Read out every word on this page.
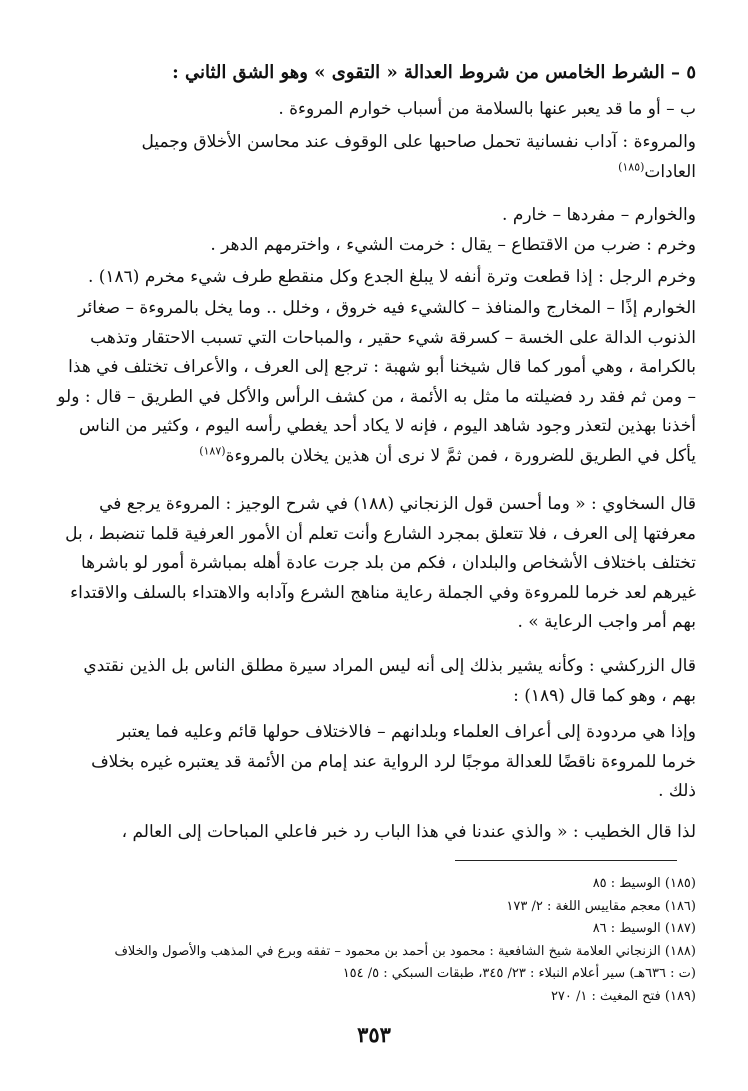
٥ – الشرط الخامس من شروط العدالة « التقوى » وهو الشق الثاني :
ب – أو ما قد يعبر عنها بالسلامة من أسباب خوارم المروءة .
والمروءة : آداب نفسانية تحمل صاحبها على الوقوف عند محاسن الأخلاق وجميل
العادات$^{(١٨٥)}$
والخوارم – مفردها – خارم .
وخرم : ضرب من الاقتطاع – يقال : خرمت الشيء ، واخترمهم الدهر .
وخرم الرجل : إذا قطعت وترة أنفه لا يبلغ الجدع وكل منقطع طرف شيء مخرم (١٨٦) .
الخوارم إذًا – المخارج والمنافذ – كالشيء فيه خروق ، وخلل .. وما يخل بالمروءة – صغائر
الذنوب الدالة على الخسة – كسرقة شيء حقير ، والمباحات التي تسبب الاحتقار وتذهب
بالكرامة ، وهي أمور كما قال شيخنا أبو شهبة : ترجع إلى العرف ، والأعراف تختلف في هذا
– ومن ثم فقد رد فضيلته ما مثل به الأئمة ، من كشف الرأس والأكل في الطريق – قال : ولو
أخذنا بهذين لتعذر وجود شاهد اليوم ، فإنه لا يكاد أحد يغطي رأسه اليوم ، وكثير من الناس
يأكل في الطريق للضرورة ، فمن ثمَّ لا نرى أن هذين يخلان بالمروءة$^{(١٨٧)}$
قال السخاوي : « وما أحسن قول الزنجاني (١٨٨) في شرح الوجيز : المروءة يرجع في
معرفتها إلى العرف ، فلا تتعلق بمجرد الشارع وأنت تعلم أن الأمور العرفية قلما تنضبط ، بل
تختلف باختلاف الأشخاص والبلدان ، فكم من بلد جرت عادة أهله بمباشرة أمور لو باشرها
غيرهم لعد خرما للمروءة وفي الجملة رعاية مناهج الشرع وآدابه والاهتداء بالسلف والاقتداء
بهم أمر واجب الرعاية » .
قال الزركشي : وكأنه يشير بذلك إلى أنه ليس المراد سيرة مطلق الناس بل الذين نقتدي
بهم ، وهو كما قال (١٨٩) :
وإذا هي مردودة إلى أعراف العلماء وبلدانهم – فالاختلاف حولها قائم وعليه فما يعتبر
خرما للمروءة ناقضًا للعدالة موجبًا لرد الرواية عند إمام من الأئمة قد يعتبره غيره بخلاف
ذلك .
لذا قال الخطيب : « والذي عندنا في هذا الباب رد خبر فاعلي المباحات إلى العالم ،
(١٨٥) الوسيط : ٨٥
(١٨٦) معجم مقاييس اللغة : ٢/ ١٧٣
(١٨٧) الوسيط : ٨٦
(١٨٨) الزنجاني العلامة شيخ الشافعية : محمود بن أحمد بن محمود – تفقه وبرع في المذهب والأصول والخلاف
(ت : ٦٣٦هـ) سير أعلام النبلاء : ٢٣/ ٣٤٥، طبقات السبكي : ٥/ ١٥٤
(١٨٩) فتح المغيث : ١/ ٢٧٠
٣٥٣
